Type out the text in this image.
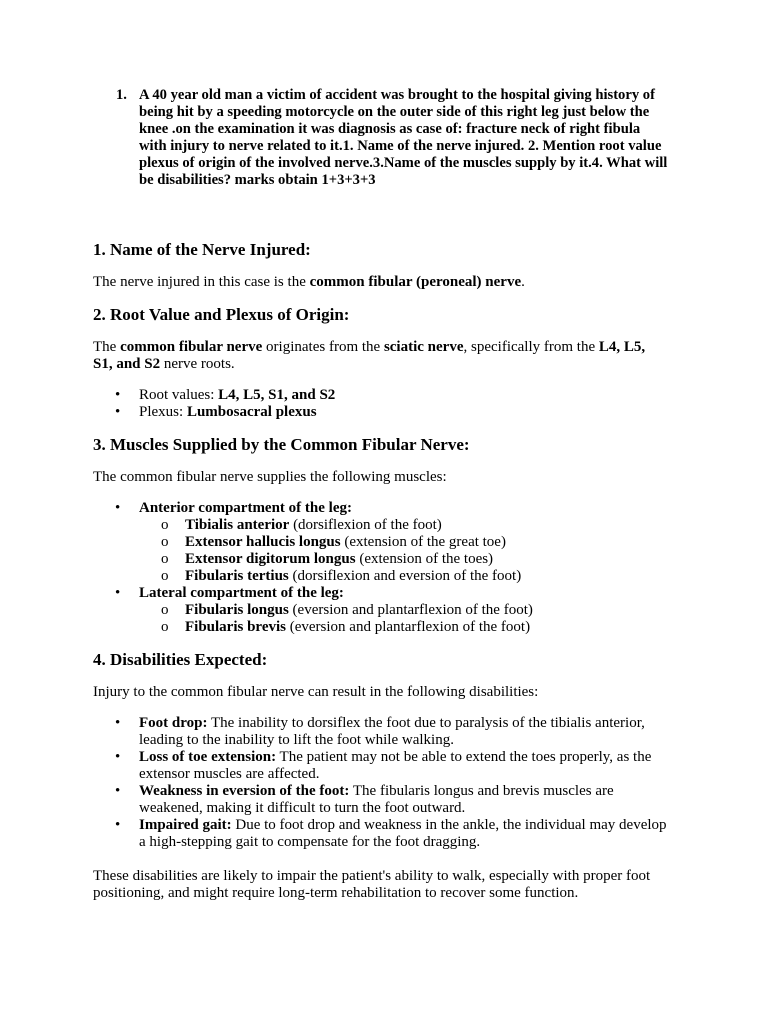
1. A 40 year old man a victim of accident was brought to the hospital giving history of being hit by a speeding motorcycle on the outer side of this right leg just below the knee .on the examination it was diagnosis as case of: fracture neck of right fibula with injury to nerve related to it.1. Name of the nerve injured. 2. Mention root value plexus of origin of the involved nerve.3.Name of the muscles supply by it.4. What will be disabilities? marks obtain 1+3+3+3
1. Name of the Nerve Injured:

The nerve injured in this case is the common fibular (peroneal) nerve.

2. Root Value and Plexus of Origin:

The common fibular nerve originates from the sciatic nerve, specifically from the L4, L5, S1, and S2 nerve roots.

• Root values: L4, L5, S1, and S2
• Plexus: Lumbosacral plexus
3. Muscles Supplied by the Common Fibular Nerve:

The common fibular nerve supplies the following muscles:

• Anterior compartment of the leg:
o Tibialis anterior (dorsiflexion of the foot)
o Extensor hallucis longus (extension of the great toe)
o Extensor digitorum longus (extension of the toes)
o Fibularis tertius (dorsiflexion and eversion of the foot)
• Lateral compartment of the leg:
o Fibularis longus (eversion and plantarflexion of the foot)
o Fibularis brevis (eversion and plantarflexion of the foot)
4. Disabilities Expected:

Injury to the common fibular nerve can result in the following disabilities:

• Foot drop: The inability to dorsiflex the foot due to paralysis of the tibialis anterior, leading to the inability to lift the foot while walking.
• Loss of toe extension: The patient may not be able to extend the toes properly, as the extensor muscles are affected.
• Weakness in eversion of the foot: The fibularis longus and brevis muscles are weakened, making it difficult to turn the foot outward.
• Impaired gait: Due to foot drop and weakness in the ankle, the individual may develop a high-stepping gait to compensate for the foot dragging.

These disabilities are likely to impair the patient's ability to walk, especially with proper foot positioning, and might require long-term rehabilitation to recover some function.
